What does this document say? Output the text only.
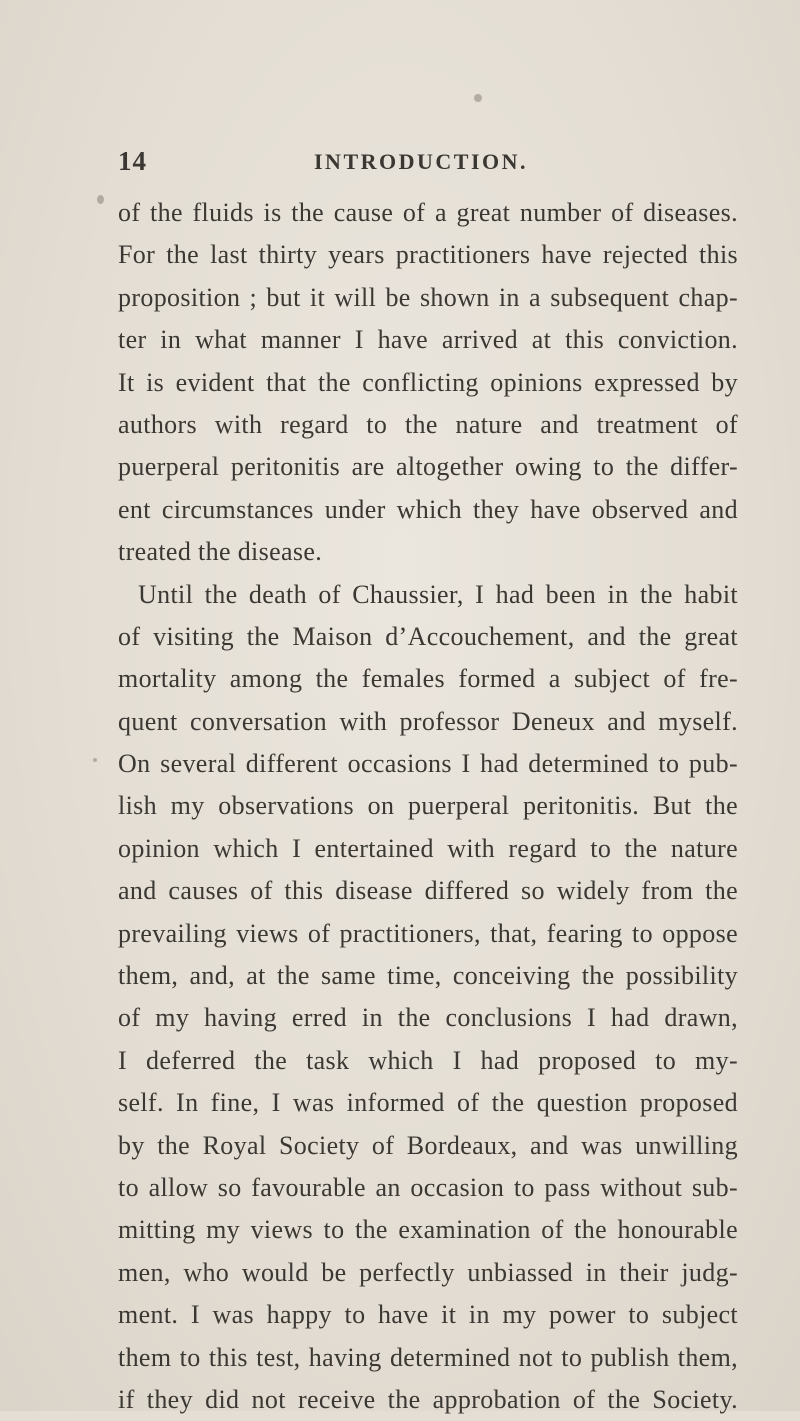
14	INTRODUCTION.
of the fluids is the cause of a great number of diseases.
For the last thirty years practitioners have rejected this
proposition ; but it will be shown in a subsequent chap-
ter in what manner I have arrived at this conviction.
It is evident that the conflicting opinions expressed by
authors with regard to the nature and treatment of
puerperal peritonitis are altogether owing to the differ-
ent circumstances under which they have observed and
treated the disease.
Until the death of Chaussier, I had been in the habit
of visiting the Maison d’Accouchement, and the great
mortality among the females formed a subject of fre-
quent conversation with professor Deneux and myself.
On several different occasions I had determined to pub-
lish my observations on puerperal peritonitis. But the
opinion which I entertained with regard to the nature
and causes of this disease differed so widely from the
prevailing views of practitioners, that, fearing to oppose
them, and, at the same time, conceiving the possibility
of my having erred in the conclusions I had drawn,
I deferred the task which I had proposed to my-
self. In fine, I was informed of the question proposed
by the Royal Society of Bordeaux, and was unwilling
to allow so favourable an occasion to pass without sub-
mitting my views to the examination of the honourable
men, who would be perfectly unbiassed in their judg-
ment. I was happy to have it in my power to subject
them to this test, having determined not to publish them,
if they did not receive the approbation of the Society.
